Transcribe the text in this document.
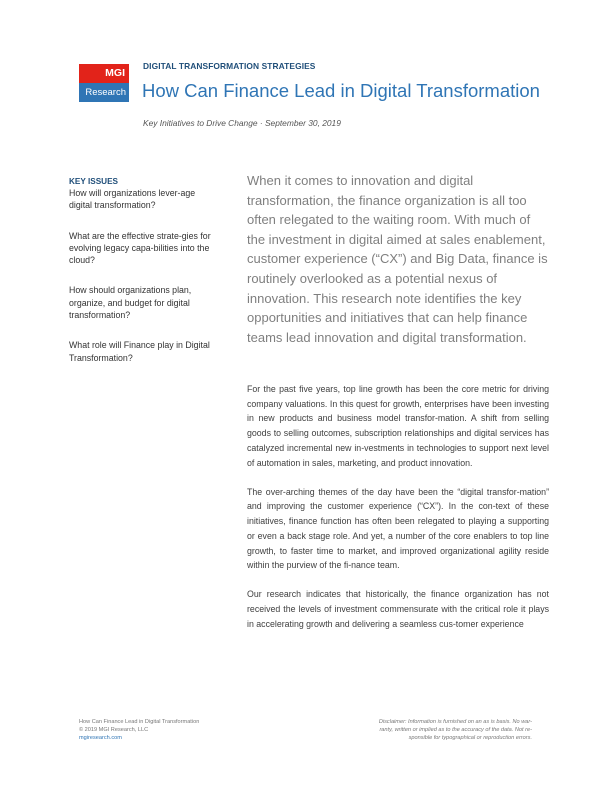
MGI
Research
DIGITAL TRANSFORMATION STRATEGIES
How Can Finance Lead in Digital Transformation
Key Initiatives to Drive Change · September 30, 2019
KEY ISSUES
How will organizations lever-age digital transformation?
What are the effective strate-gies for evolving legacy capa-bilities into the cloud?
How should organizations plan, organize, and budget for digital transformation?
What role will Finance play in Digital Transformation?
When it comes to innovation and digital transformation, the finance organization is all too often relegated to the waiting room. With much of the investment in digital aimed at sales enablement, customer experience (“CX”) and Big Data, finance is routinely overlooked as a potential nexus of innovation. This research note identifies the key opportunities and initiatives that can help finance teams lead innovation and digital transformation.

For the past five years, top line growth has been the core metric for driving company valuations. In this quest for growth, enterprises have been investing in new products and business model transfor-mation. A shift from selling goods to selling outcomes, subscription relationships and digital services has catalyzed incremental new in-vestments in technologies to support next level of automation in sales, marketing, and product innovation.

The over-arching themes of the day have been the “digital transfor-mation” and improving the customer experience (“CX”). In the con-text of these initiatives, finance function has often been relegated to playing a supporting or even a back stage role. And yet, a number of the core enablers to top line growth, to faster time to market, and improved organizational agility reside within the purview of the fi-nance team.

Our research indicates that historically, the finance organization has not received the levels of investment commensurate with the critical role it plays in accelerating growth and delivering a seamless cus-tomer experience

How Can Finance Lead in Digital Transformation
© 2019 MGI Research, LLC
mgiresearch.com
Disclaimer: Information is furnished on an as is basis. No war-ranty, written or implied as to the accuracy of the data. Not re-sponsible for typographical or reproduction errors.
